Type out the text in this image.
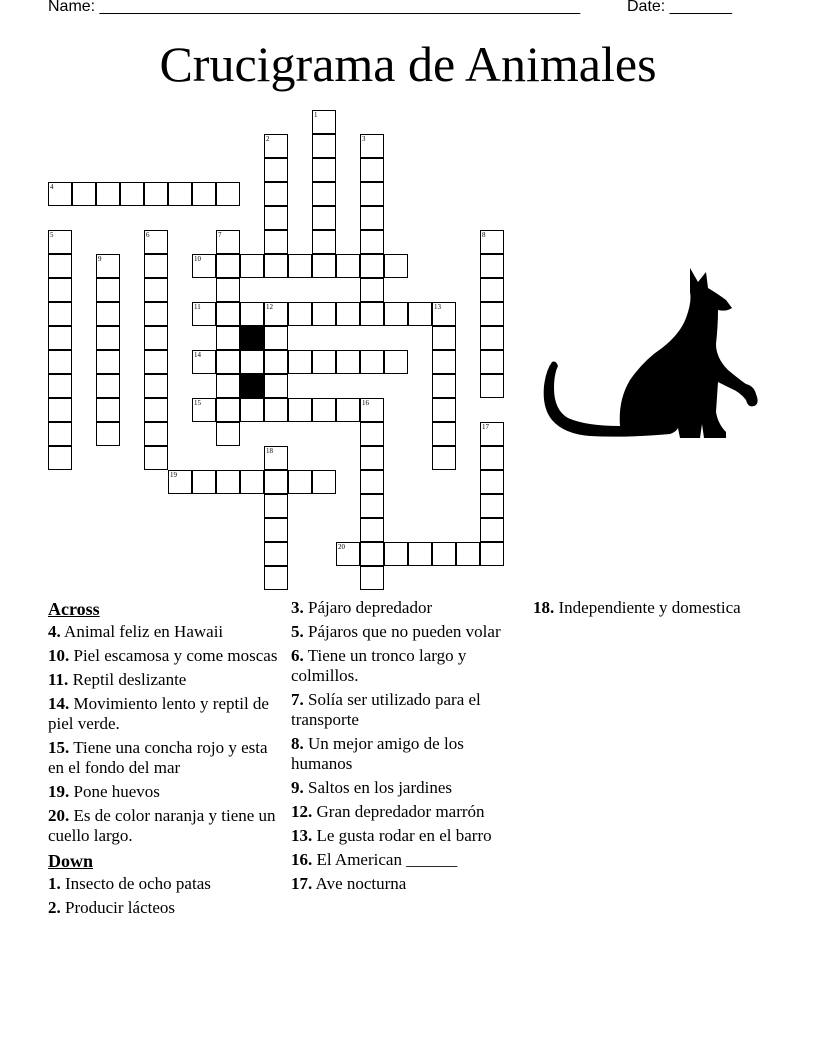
Name: ______________________________________________________	Date: _______
Crucigrama de Animales
1
2	3
4
5	6	7	8
9	10
11	12	13
14
15	16
17
18
19
20
Across
4. Animal feliz en Hawaii
10. Piel escamosa y come moscas
11. Reptil deslizante
14. Movimiento lento y reptil de piel verde.
15. Tiene una concha rojo y esta en el fondo del mar
19. Pone huevos
20. Es de color naranja y tiene un cuello largo.
Down
1. Insecto de ocho patas
2. Producir lácteos
3. Pájaro depredador
5. Pájaros que no pueden volar
6. Tiene un tronco largo y colmillos.
7. Solía ser utilizado para el transporte
8. Un mejor amigo de los humanos
9. Saltos en los jardines
12. Gran depredador marrón
13. Le gusta rodar en el barro
16. El American ______
17. Ave nocturna
18. Independiente y domestica
